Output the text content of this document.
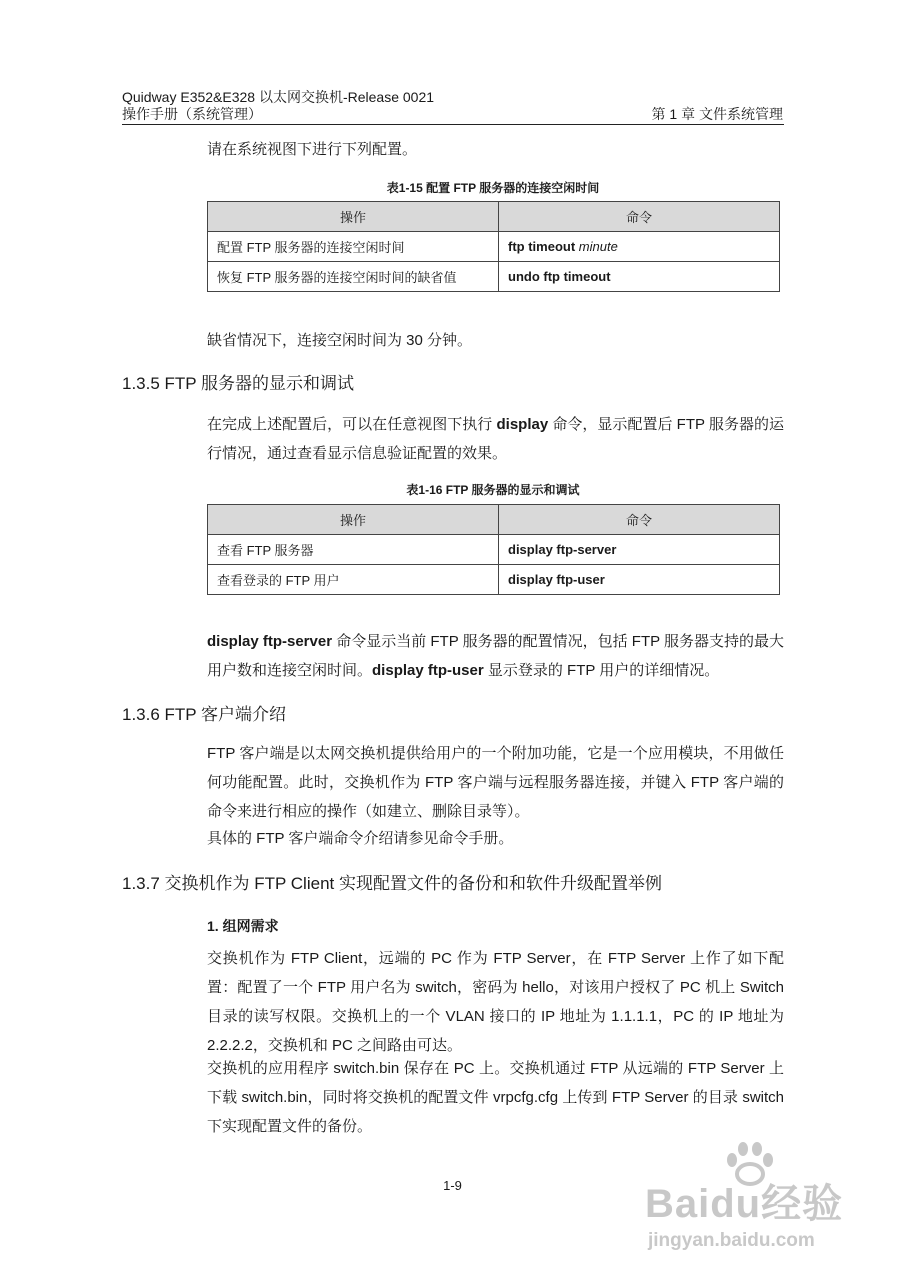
Quidway E352&E328 以太网交换机-Release 0021
操作手册（系统管理）	第 1 章 文件系统管理
请在系统视图下进行下列配置。
表1-15 配置 FTP 服务器的连接空闲时间
操作	命令
配置 FTP 服务器的连接空闲时间	ftp timeout minute
恢复 FTP 服务器的连接空闲时间的缺省值	undo ftp timeout
缺省情况下，连接空闲时间为 30 分钟。
1.3.5 FTP 服务器的显示和调试
在完成上述配置后，可以在任意视图下执行 display 命令，显示配置后 FTP 服务器的运行情况，通过查看显示信息验证配置的效果。
表1-16 FTP 服务器的显示和调试
操作	命令
查看 FTP 服务器	display ftp-server
查看登录的 FTP 用户	display ftp-user
display ftp-server 命令显示当前 FTP 服务器的配置情况，包括 FTP 服务器支持的最大用户数和连接空闲时间。display ftp-user 显示登录的 FTP 用户的详细情况。
1.3.6 FTP 客户端介绍
FTP 客户端是以太网交换机提供给用户的一个附加功能，它是一个应用模块，不用做任何功能配置。此时，交换机作为 FTP 客户端与远程服务器连接，并键入 FTP 客户端的命令来进行相应的操作（如建立、删除目录等）。
具体的 FTP 客户端命令介绍请参见命令手册。
1.3.7 交换机作为 FTP Client 实现配置文件的备份和和软件升级配置举例
1. 组网需求
交换机作为 FTP Client，远端的 PC 作为 FTP Server，在 FTP Server 上作了如下配置：配置了一个 FTP 用户名为 switch，密码为 hello，对该用户授权了 PC 机上 Switch 目录的读写权限。交换机上的一个 VLAN 接口的 IP 地址为 1.1.1.1，PC 的 IP 地址为 2.2.2.2，交换机和 PC 之间路由可达。
交换机的应用程序 switch.bin 保存在 PC 上。交换机通过 FTP 从远端的 FTP Server 上下载 switch.bin，同时将交换机的配置文件 vrpcfg.cfg 上传到 FTP Server 的目录 switch 下实现配置文件的备份。
1-9	Baidu经验
jingyan.baidu.com
